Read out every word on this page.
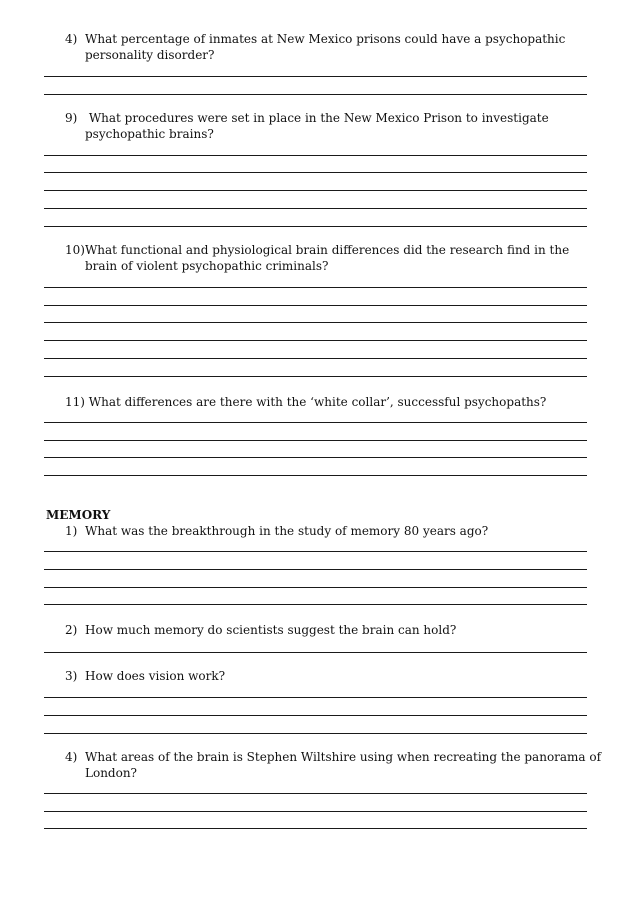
4) What percentage of inmates at New Mexico prisons could have a psychopathic personality disorder?
9) What procedures were set in place in the New Mexico Prison to investigate psychopathic brains?
10)What functional and physiological brain differences did the research find in the brain of violent psychopathic criminals?
11) What differences are there with the ‘white collar’, successful psychopaths?
MEMORY
1) What was the breakthrough in the study of memory 80 years ago?
2) How much memory do scientists suggest the brain can hold?
3) How does vision work?
4) What areas of the brain is Stephen Wiltshire using when recreating the panorama of London?
